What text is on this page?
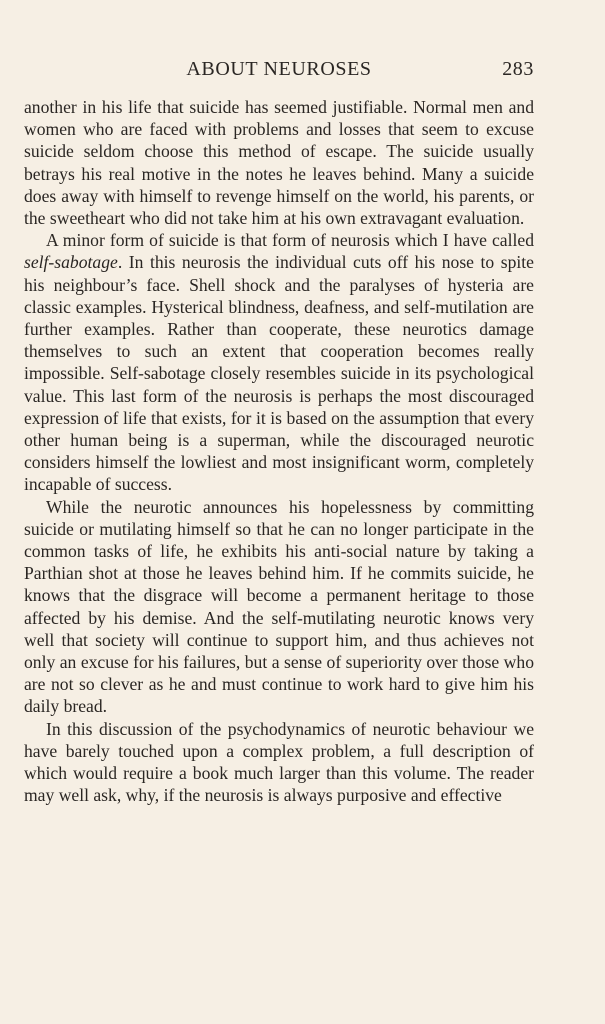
ABOUT NEUROSES	283

another in his life that suicide has seemed justifiable. Normal men and women who are faced with problems and losses that seem to excuse suicide seldom choose this method of escape. The suicide usually betrays his real motive in the notes he leaves behind. Many a suicide does away with himself to revenge himself on the world, his parents, or the sweetheart who did not take him at his own extravagant evaluation.

A minor form of suicide is that form of neurosis which I have called self-sabotage. In this neurosis the individual cuts off his nose to spite his neighbour’s face. Shell shock and the paralyses of hysteria are classic examples. Hysterical blindness, deafness, and self-mutilation are further examples. Rather than cooperate, these neurotics damage themselves to such an extent that cooperation becomes really impossible. Self-sabotage closely resembles suicide in its psychological value. This last form of the neurosis is perhaps the most discouraged expression of life that exists, for it is based on the assumption that every other human being is a superman, while the discouraged neurotic considers himself the lowliest and most insignificant worm, completely incapable of success.

While the neurotic announces his hopelessness by committing suicide or mutilating himself so that he can no longer participate in the common tasks of life, he exhibits his anti-social nature by taking a Parthian shot at those he leaves behind him. If he commits suicide, he knows that the disgrace will become a permanent heritage to those affected by his demise. And the self-mutilating neurotic knows very well that society will continue to support him, and thus achieves not only an excuse for his failures, but a sense of superiority over those who are not so clever as he and must continue to work hard to give him his daily bread.

In this discussion of the psychodynamics of neurotic behaviour we have barely touched upon a complex problem, a full description of which would require a book much larger than this volume. The reader may well ask, why, if the neurosis is always purposive and effective
